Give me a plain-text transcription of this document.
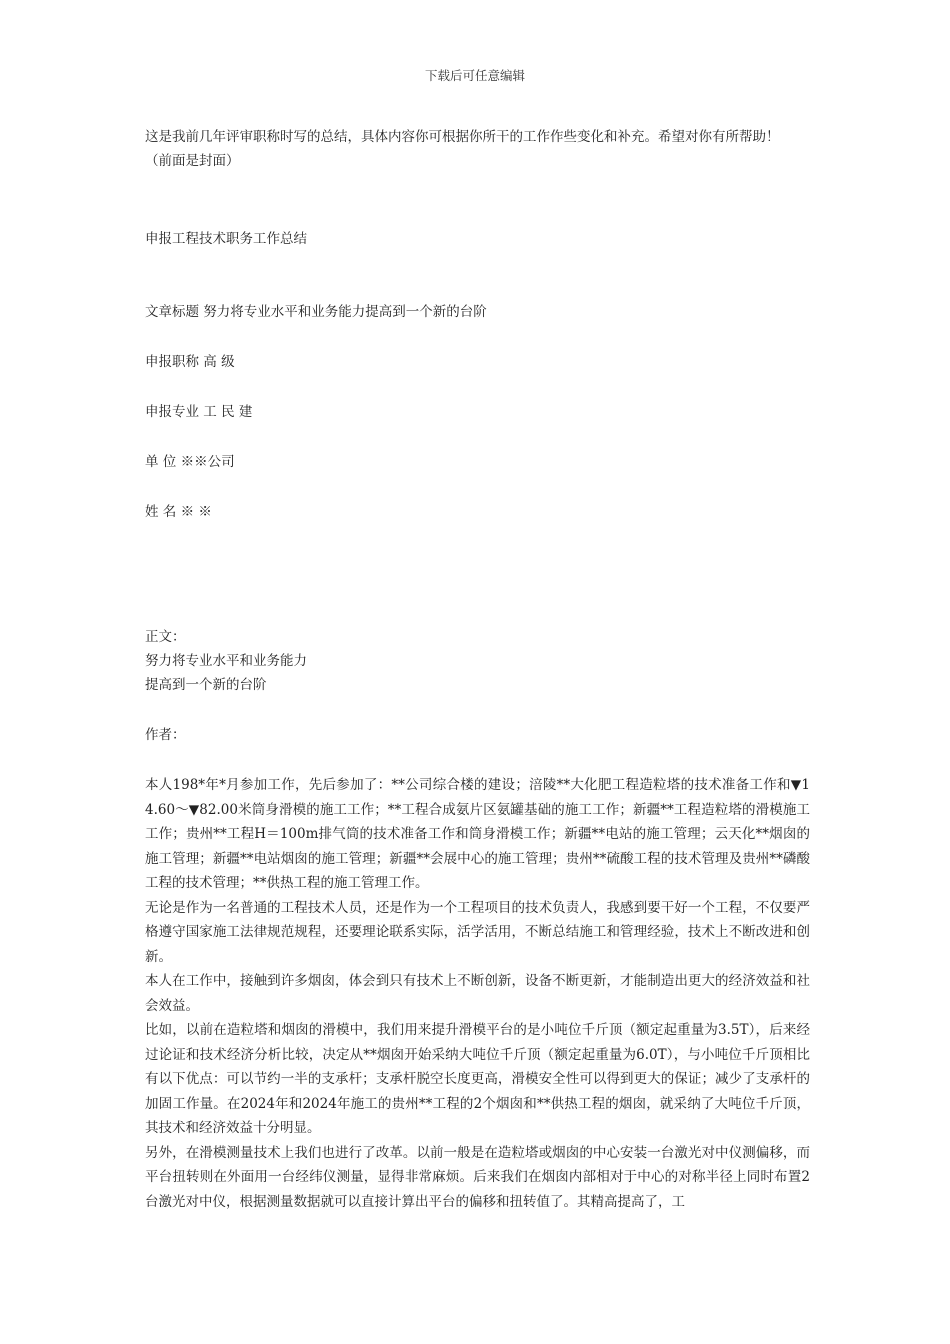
下载后可任意编辑
这是我前几年评审职称时写的总结，具体内容你可根据你所干的工作作些变化和补充。希望对你有所帮助！
（前面是封面）
申报工程技术职务工作总结
文章标题 努力将专业水平和业务能力提高到一个新的台阶
申报职称 高 级
申报专业 工 民 建
单 位 ※※公司
姓 名 ※ ※
正文：
努力将专业水平和业务能力
提高到一个新的台阶
作者：

本人198*年*月参加工作，先后参加了：**公司综合楼的建设；涪陵**大化肥工程造粒塔的技术准备工作和▼14.60～▼82.00米筒身滑模的施工工作；**工程合成氨片区氨罐基础的施工工作；新疆**工程造粒塔的滑模施工工作；贵州**工程H＝100m排气筒的技术准备工作和筒身滑模工作；新疆**电站的施工管理；云天化**烟囱的施工管理；新疆**电站烟囱的施工管理；新疆**会展中心的施工管理；贵州**硫酸工程的技术管理及贵州**磷酸工程的技术管理；**供热工程的施工管理工作。

无论是作为一名普通的工程技术人员，还是作为一个工程项目的技术负责人，我感到要干好一个工程，不仅要严格遵守国家施工法律规范规程，还要理论联系实际，活学活用，不断总结施工和管理经验，技术上不断改进和创新。

本人在工作中，接触到许多烟囱，体会到只有技术上不断创新，设备不断更新，才能制造出更大的经济效益和社会效益。

比如，以前在造粒塔和烟囱的滑模中，我们用来提升滑模平台的是小吨位千斤顶（额定起重量为3.5T），后来经过论证和技术经济分析比较，决定从**烟囱开始采纳大吨位千斤顶（额定起重量为6.0T），与小吨位千斤顶相比有以下优点：可以节约一半的支承杆；支承杆脱空长度更高，滑模安全性可以得到更大的保证；减少了支承杆的加固工作量。在2024年和2024年施工的贵州**工程的2个烟囱和**供热工程的烟囱，就采纳了大吨位千斤顶，其技术和经济效益十分明显。

另外，在滑模测量技术上我们也进行了改革。以前一般是在造粒塔或烟囱的中心安装一台激光对中仪测偏移，而平台扭转则在外面用一台经纬仪测量，显得非常麻烦。后来我们在烟囱内部相对于中心的对称半径上同时布置2台激光对中仪，根据测量数据就可以直接计算出平台的偏移和扭转值了。其精高提高了，工
